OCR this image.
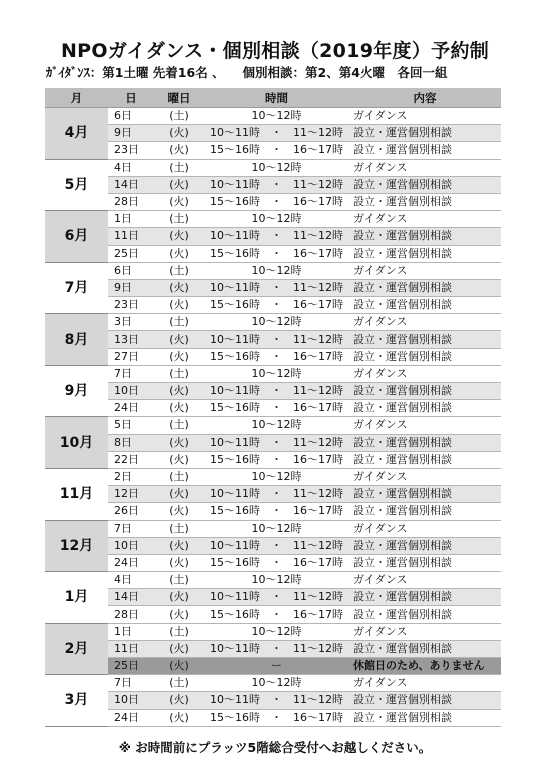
NPOガイダンス・個別相談（2019年度）予約制
ｶﾞｲﾀﾞﾝｽ：第1土曜 先着16名 、 個別相談：第2、第4火曜　各回一組
月	日	曜日	時間	内容
4月	6日	(土)	10～12時	ガイダンス
	9日	(火)	10～11時　・　11～12時	設立・運営個別相談
	23日	(火)	15～16時　・　16～17時	設立・運営個別相談
5月	4日	(土)	10～12時	ガイダンス
	14日	(火)	10～11時　・　11～12時	設立・運営個別相談
	28日	(火)	15～16時　・　16～17時	設立・運営個別相談
6月	1日	(土)	10～12時	ガイダンス
	11日	(火)	10～11時　・　11～12時	設立・運営個別相談
	25日	(火)	15～16時　・　16～17時	設立・運営個別相談
7月	6日	(土)	10～12時	ガイダンス
	9日	(火)	10～11時　・　11～12時	設立・運営個別相談
	23日	(火)	15～16時　・　16～17時	設立・運営個別相談
8月	3日	(土)	10～12時	ガイダンス
	13日	(火)	10～11時　・　11～12時	設立・運営個別相談
	27日	(火)	15～16時　・　16～17時	設立・運営個別相談
9月	7日	(土)	10～12時	ガイダンス
	10日	(火)	10～11時　・　11～12時	設立・運営個別相談
	24日	(火)	15～16時　・　16～17時	設立・運営個別相談
10月	5日	(土)	10～12時	ガイダンス
	8日	(火)	10～11時　・　11～12時	設立・運営個別相談
	22日	(火)	15～16時　・　16～17時	設立・運営個別相談
11月	2日	(土)	10～12時	ガイダンス
	12日	(火)	10～11時　・　11～12時	設立・運営個別相談
	26日	(火)	15～16時　・　16～17時	設立・運営個別相談
12月	7日	(土)	10～12時	ガイダンス
	10日	(火)	10～11時　・　11～12時	設立・運営個別相談
	24日	(火)	15～16時　・　16～17時	設立・運営個別相談
1月	4日	(土)	10～12時	ガイダンス
	14日	(火)	10～11時　・　11～12時	設立・運営個別相談
	28日	(火)	15～16時　・　16～17時	設立・運営個別相談
2月	1日	(土)	10～12時	ガイダンス
	11日	(火)	10～11時　・　11～12時	設立・運営個別相談
	25日	(火)	ー	休館日のため、ありません
3月	7日	(土)	10～12時	ガイダンス
	10日	(火)	10～11時　・　11～12時	設立・運営個別相談
	24日	(火)	15～16時　・　16～17時	設立・運営個別相談
※ お時間前にプラッツ5階総合受付へお越しください。
